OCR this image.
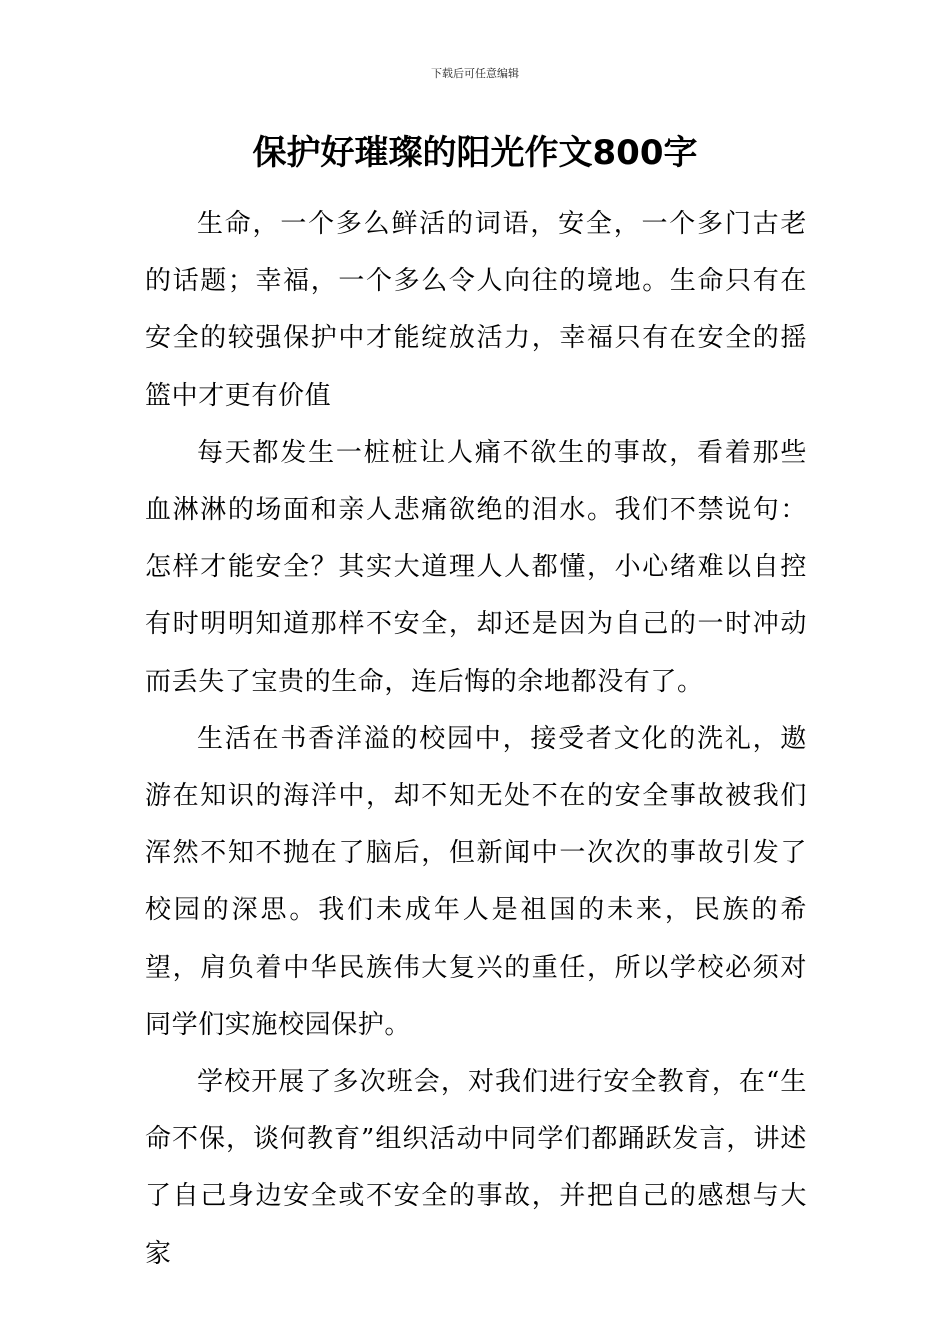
下载后可任意编辑
保护好璀璨的阳光作文800字

生命，一个多么鲜活的词语，安全，一个多门古老的话题；幸福，一个多么令人向往的境地。生命只有在安全的较强保护中才能绽放活力，幸福只有在安全的摇篮中才更有价值

每天都发生一桩桩让人痛不欲生的事故，看着那些血淋淋的场面和亲人悲痛欲绝的泪水。我们不禁说句：怎样才能安全？其实大道理人人都懂，小心绪难以自控有时明明知道那样不安全，却还是因为自己的一时冲动而丢失了宝贵的生命，连后悔的余地都没有了。

生活在书香洋溢的校园中，接受者文化的洗礼，遨游在知识的海洋中，却不知无处不在的安全事故被我们浑然不知不抛在了脑后，但新闻中一次次的事故引发了校园的深思。我们未成年人是祖国的未来，民族的希望，肩负着中华民族伟大复兴的重任，所以学校必须对同学们实施校园保护。

学校开展了多次班会，对我们进行安全教育，在“生命不保，谈何教育”组织活动中同学们都踊跃发言，讲述了自己身边安全或不安全的事故，并把自己的感想与大家
